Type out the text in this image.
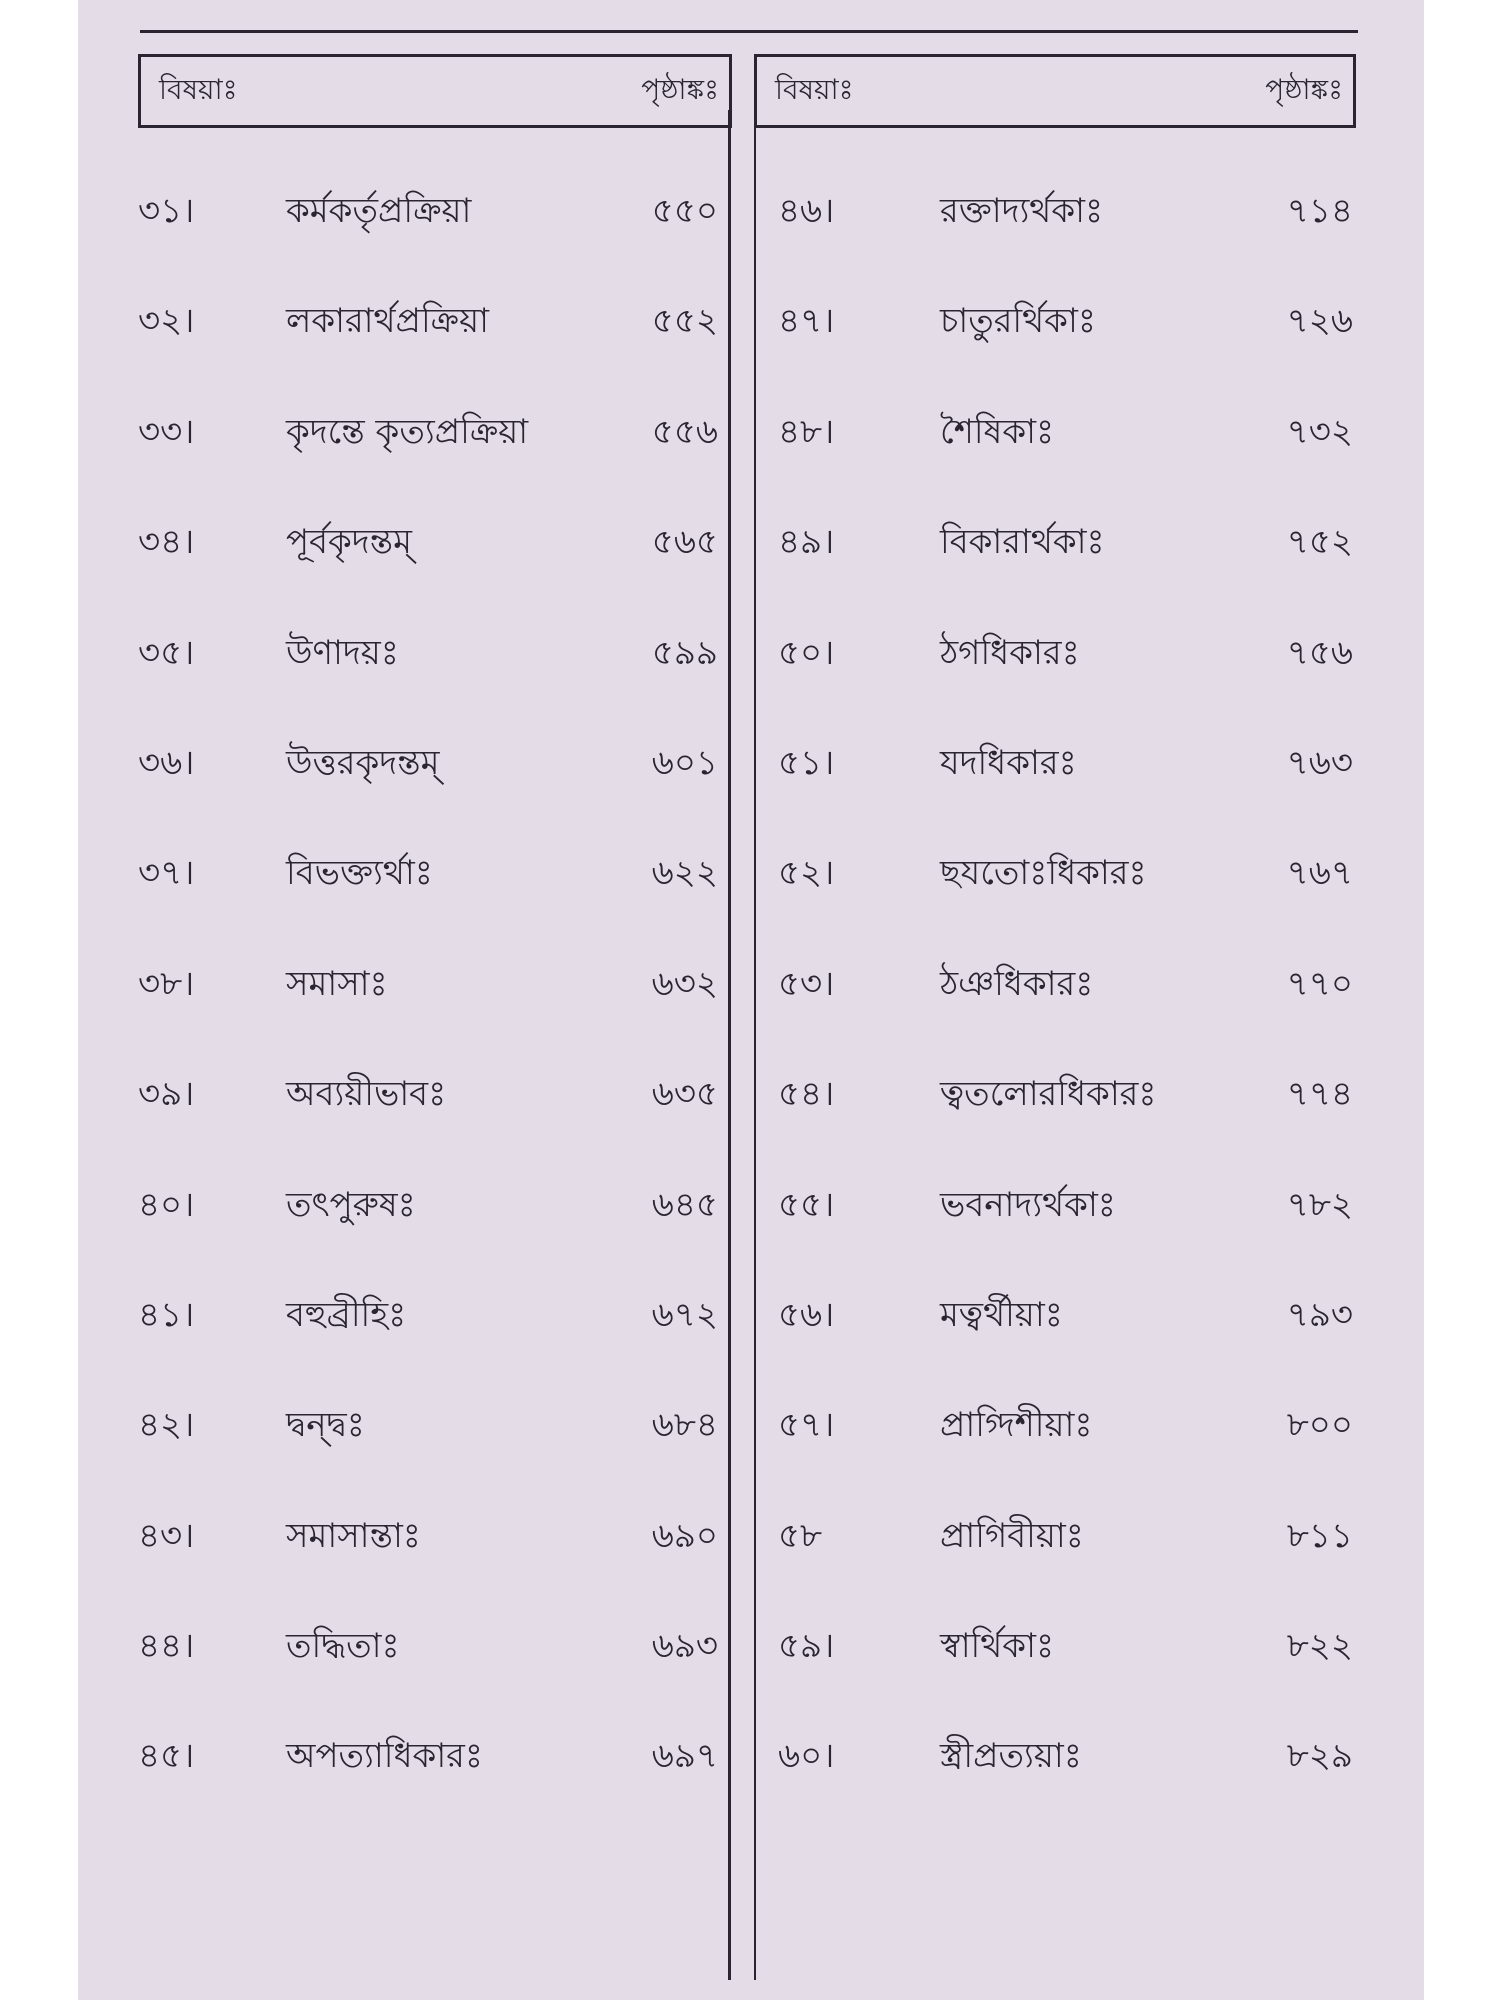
বিষয়াঃ	পৃষ্ঠাঙ্কঃ বিষয়াঃ	পৃষ্ঠাঙ্কঃ
৩১।	কর্মকর্তৃপ্রক্রিয়া	৫৫০
৩২।	লকারার্থপ্রক্রিয়া	৫৫২
৩৩।	কৃদন্তে কৃত্যপ্রক্রিয়া	৫৫৬
৩৪।	পূর্বকৃদন্তম্	৫৬৫
৩৫।	উণাদয়ঃ	৫৯৯
৩৬।	উত্তরকৃদন্তম্	৬০১
৩৭।	বিভক্ত্যর্থাঃ	৬২২
৩৮।	সমাসাঃ	৬৩২
৩৯।	অব্যয়ীভাবঃ	৬৩৫
৪০।	তৎপুরুষঃ	৬৪৫
৪১।	বহুব্রীহিঃ	৬৭২
৪২।	দ্বন্দ্বঃ	৬৮৪
৪৩।	সমাসান্তাঃ	৬৯০
৪৪।	তদ্ধিতাঃ	৬৯৩
৪৫।	অপত্যাধিকারঃ	৬৯৭
৪৬।	রক্তাদ্যর্থকাঃ	৭১৪
৪৭।	চাতুরর্থিকাঃ	৭২৬
৪৮।	শৈষিকাঃ	৭৩২
৪৯।	বিকারার্থকাঃ	৭৫২
৫০।	ঠগধিকারঃ	৭৫৬
৫১।	যদধিকারঃ	৭৬৩
৫২।	ছযতোঃধিকারঃ	৭৬৭
৫৩।	ঠঞধিকারঃ	৭৭০
৫৪।	ত্বতলোরধিকারঃ	৭৭৪
৫৫।	ভবনাদ্যর্থকাঃ	৭৮২
৫৬।	মত্বর্থীয়াঃ	৭৯৩
৫৭।	প্রাগ্দিশীয়াঃ	৮০০
৫৮	প্রাগিবীয়াঃ	৮১১
৫৯।	স্বার্থিকাঃ	৮২২
৬০।	স্ত্রীপ্রত্যয়াঃ	৮২৯
